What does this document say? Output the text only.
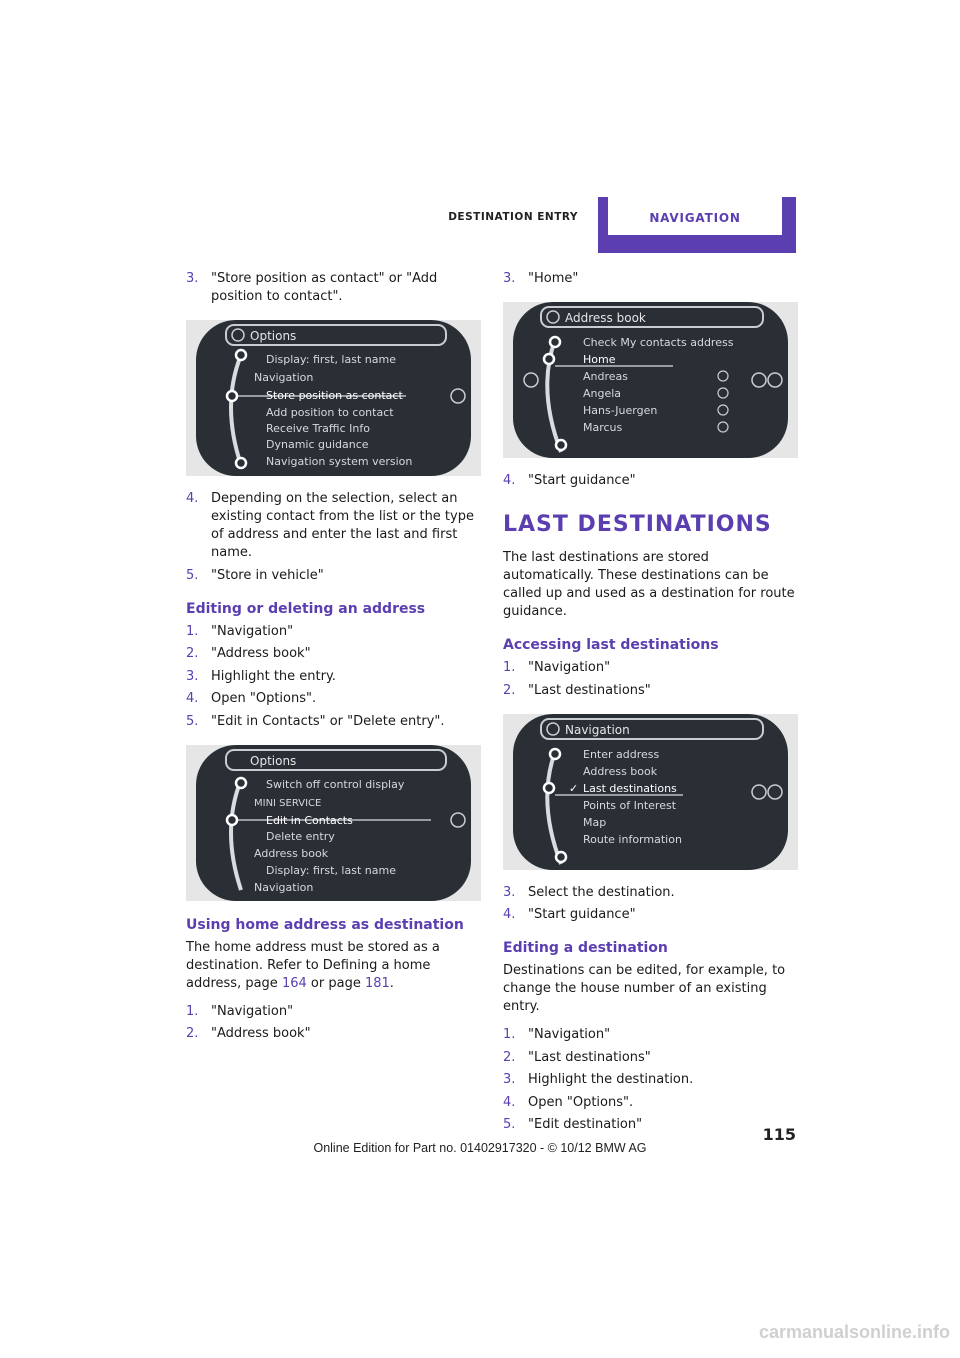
DESTINATION ENTRY	NAVIGATION
3. "Store position as contact" or "Add position to contact".
Options
Display: first, last name
Navigation
Store position as contact
Add position to contact
Receive Traffic Info
Dynamic guidance
Navigation system version
4. Depending on the selection, select an existing contact from the list or the type of address and enter the last and first name.
5. "Store in vehicle"
Editing or deleting an address
1. "Navigation"
2. "Address book"
3. Highlight the entry.
4. Open "Options".
5. "Edit in Contacts" or "Delete entry".
Options
Switch off control display
MINI SERVICE
Edit in Contacts
Delete entry
Address book
Display: first, last name
Navigation
Using home address as destination
The home address must be stored as a destination. Refer to Defining a home address, page 164 or page 181.
1. "Navigation"
2. "Address book"
3. "Home"
Address book
Check My contacts address
Home
Andreas
Angela
Hans-Juergen
Marcus
4. "Start guidance"
LAST DESTINATIONS
The last destinations are stored automatically. These destinations can be called up and used as a destination for route guidance.
Accessing last destinations
1. "Navigation"
2. "Last destinations"
Navigation
Enter address
Address book
✓ Last destinations
Points of Interest
Map
Route information
3. Select the destination.
4. "Start guidance"
Editing a destination
Destinations can be edited, for example, to change the house number of an existing entry.
1. "Navigation"
2. "Last destinations"
3. Highlight the destination.
4. Open "Options".
5. "Edit destination"
115
Online Edition for Part no. 01402917320 - © 10/12 BMW AG
carmanualsonline.info
